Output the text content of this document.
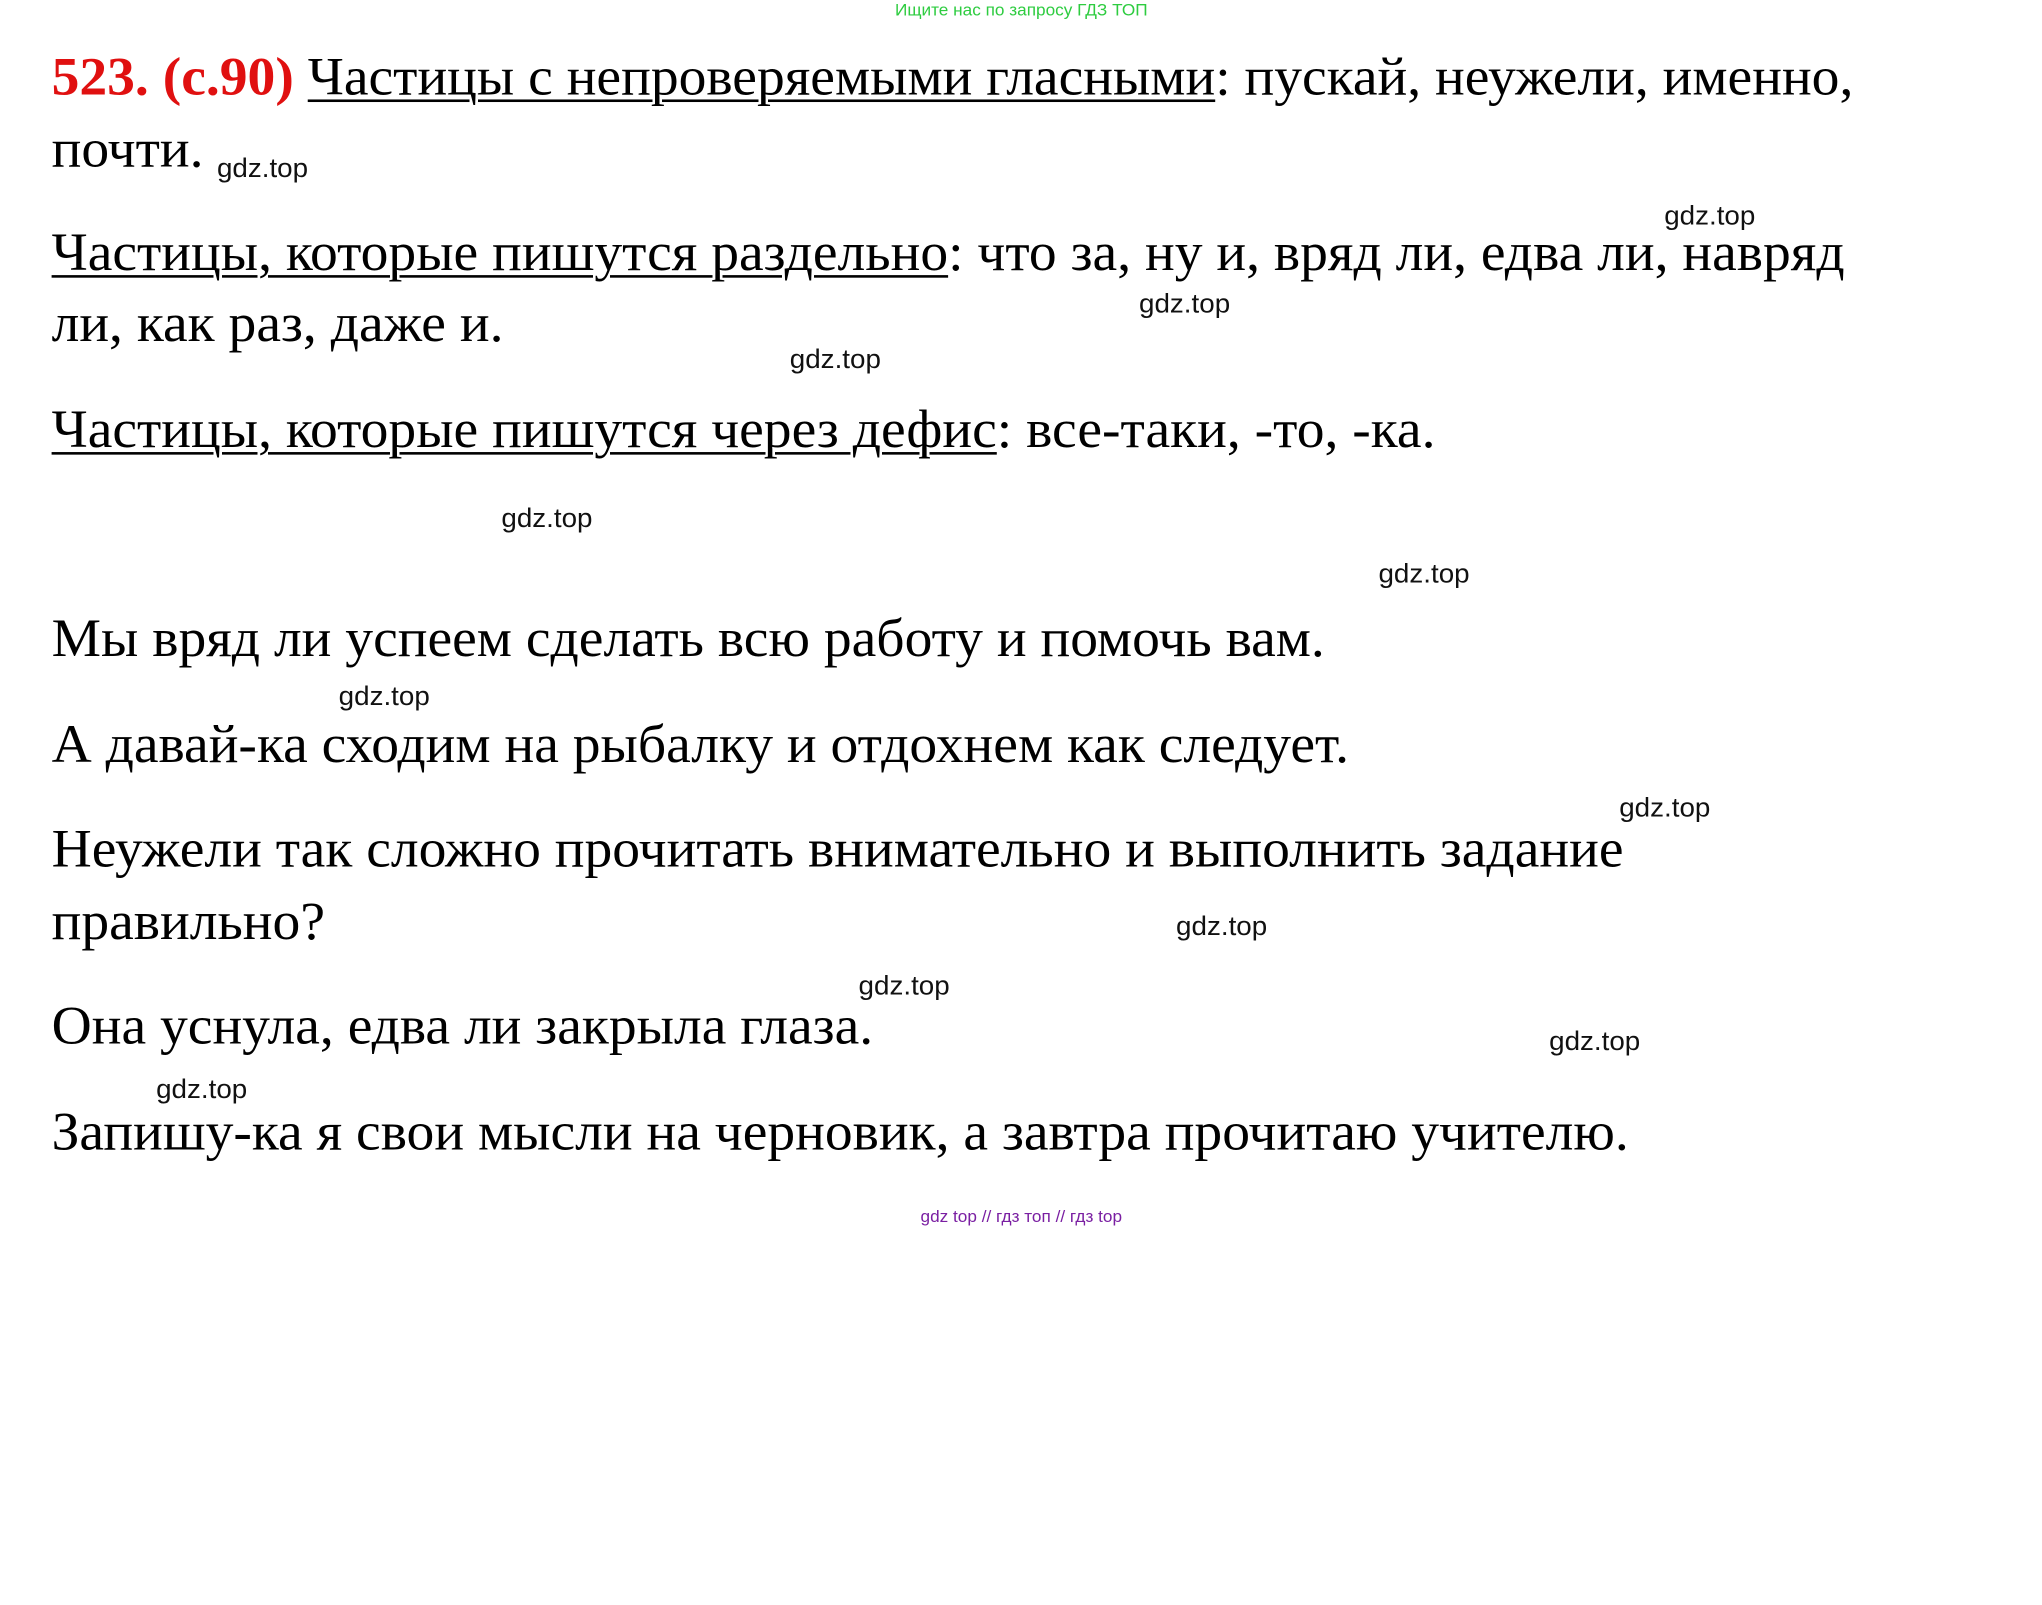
Ищите нас по запросу ГДЗ ТОП
523. (с.90) Частицы с непроверяемыми гласными: пускай, неужели, именно,
почти.
Частицы, которые пишутся раздельно: что за, ну и, вряд ли, едва ли, навряд
ли, как раз, даже и.
Частицы, которые пишутся через дефис: все-таки, -то, -ка.
Мы вряд ли успеем сделать всю работу и помочь вам.
А давай-ка сходим на рыбалку и отдохнем как следует.
Неужели так сложно прочитать внимательно и выполнить задание
правильно?
Она уснула, едва ли закрыла глаза.
Запишу-ка я свои мысли на черновик, а завтра прочитаю учителю.
gdz.top
gdz.top
gdz.top
gdz.top
gdz.top
gdz.top
gdz.top
gdz.top
gdz.top
gdz.top
gdz.top
gdz.top
gdz top // гдз топ // гдз top
